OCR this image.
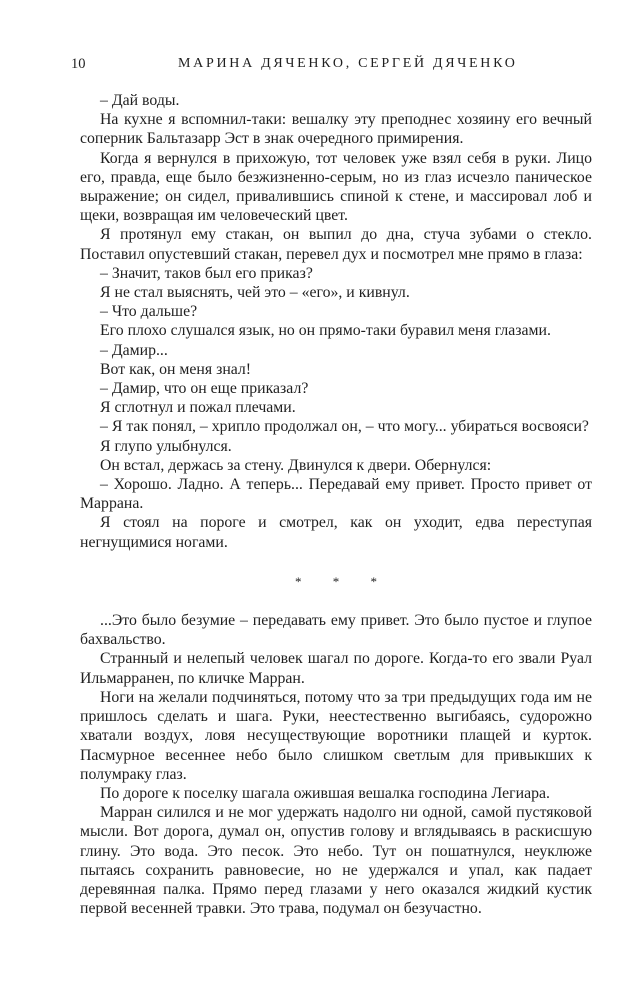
10	МАРИНА ДЯЧЕНКО, СЕРГЕЙ ДЯЧЕНКО

– Дай воды.

На кухне я вспомнил-таки: вешалку эту преподнес хозяину его вечный соперник Бальтазарр Эст в знак очередного примирения.

Когда я вернулся в прихожую, тот человек уже взял себя в руки. Лицо его, правда, еще было безжизненно-серым, но из глаз исчезло паническое выражение; он сидел, привалившись спиной к стене, и массировал лоб и щеки, возвращая им человеческий цвет.

Я протянул ему стакан, он выпил до дна, стуча зубами о стекло. Поставил опустевший стакан, перевел дух и посмотрел мне прямо в глаза:

– Значит, таков был его приказ?

Я не стал выяснять, чей это – «его», и кивнул.

– Что дальше?

Его плохо слушался язык, но он прямо-таки буравил меня глазами.

– Дамир...

Вот как, он меня знал!

– Дамир, что он еще приказал?

Я сглотнул и пожал плечами.

– Я так понял, – хрипло продолжал он, – что могу... убираться восвояси?

Я глупо улыбнулся.

Он встал, держась за стену. Двинулся к двери. Обернулся:

– Хорошо. Ладно. А теперь... Передавай ему привет. Просто привет от Маррана.

Я стоял на пороге и смотрел, как он уходит, едва переступая негнущимися ногами.

* * *

...Это было безумие – передавать ему привет. Это было пустое и глупое бахвальство.

Странный и нелепый человек шагал по дороге. Когда-то его звали Руал Ильмарранен, по кличке Марран.

Ноги на желали подчиняться, потому что за три предыдущих года им не пришлось сделать и шага. Руки, неестественно выгибаясь, судорожно хватали воздух, ловя несуществующие воротники плащей и курток. Пасмурное весеннее небо было слишком светлым для привыкших к полумраку глаз.

По дороге к поселку шагала ожившая вешалка господина Легиара.

Марран силился и не мог удержать надолго ни одной, самой пустяковой мысли. Вот дорога, думал он, опустив голову и вглядываясь в раскисшую глину. Это вода. Это песок. Это небо. Тут он пошатнулся, неуклюже пытаясь сохранить равновесие, но не удержался и упал, как падает деревянная палка. Прямо перед глазами у него оказался жидкий кустик первой весенней травки. Это трава, подумал он безучастно.
